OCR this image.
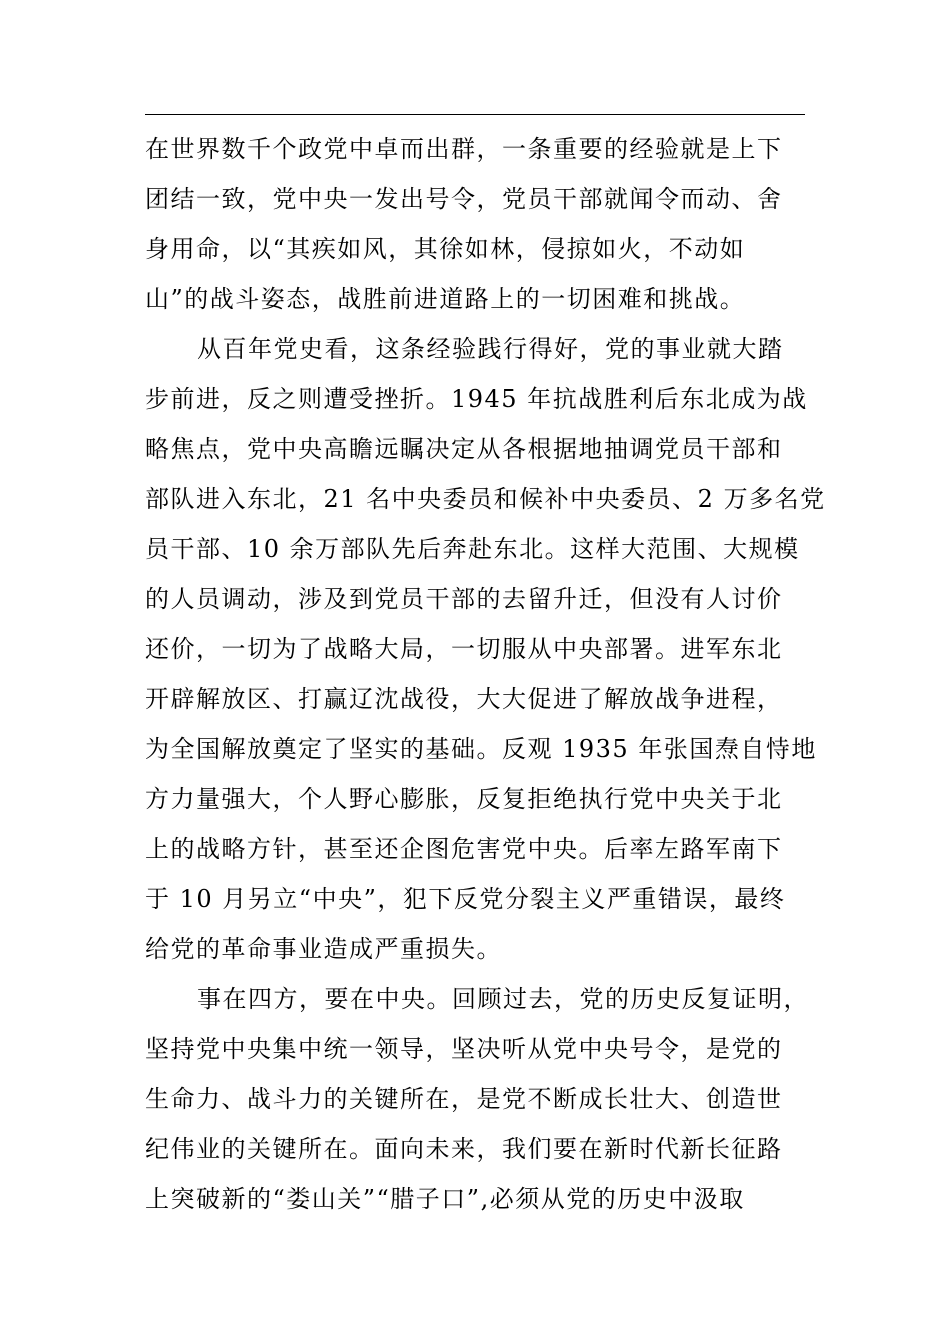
在世界数千个政党中卓而出群，一条重要的经验就是上下
团结一致，党中央一发出号令，党员干部就闻令而动、舍
身用命，以“其疾如风，其徐如林，侵掠如火，不动如
山”的战斗姿态，战胜前进道路上的一切困难和挑战。
从百年党史看，这条经验践行得好，党的事业就大踏
步前进，反之则遭受挫折。1945 年抗战胜利后东北成为战
略焦点，党中央高瞻远瞩决定从各根据地抽调党员干部和
部队进入东北，21 名中央委员和候补中央委员、2 万多名党
员干部、10 余万部队先后奔赴东北。这样大范围、大规模
的人员调动，涉及到党员干部的去留升迁，但没有人讨价
还价，一切为了战略大局，一切服从中央部署。进军东北
开辟解放区、打赢辽沈战役，大大促进了解放战争进程，
为全国解放奠定了坚实的基础。反观 1935 年张国焘自恃地
方力量强大，个人野心膨胀，反复拒绝执行党中央关于北
上的战略方针，甚至还企图危害党中央。后率左路军南下
于 10 月另立“中央”，犯下反党分裂主义严重错误，最终
给党的革命事业造成严重损失。
事在四方，要在中央。回顾过去，党的历史反复证明，
坚持党中央集中统一领导，坚决听从党中央号令，是党的
生命力、战斗力的关键所在，是党不断成长壮大、创造世
纪伟业的关键所在。面向未来，我们要在新时代新长征路
上突破新的“娄山关”“腊子口”,必须从党的历史中汲取
